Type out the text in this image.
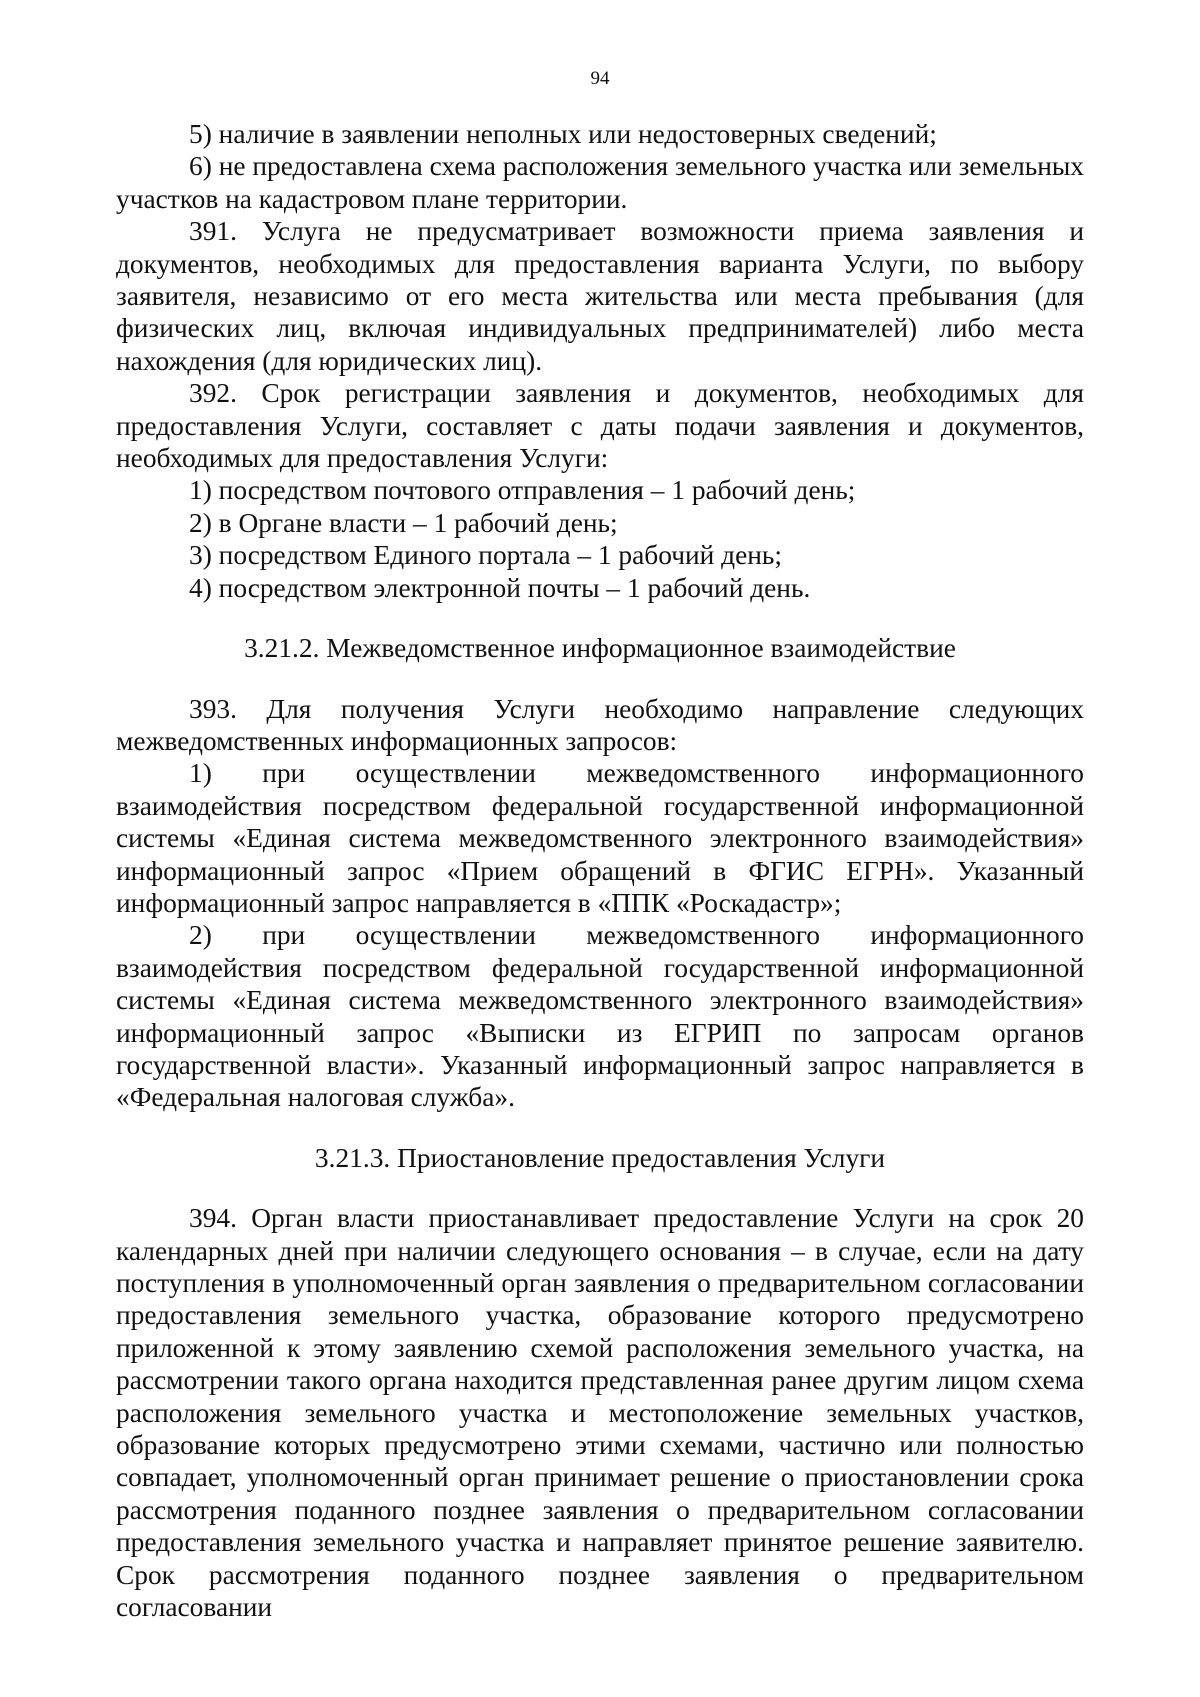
94

5) наличие в заявлении неполных или недостоверных сведений;

6) не предоставлена схема расположения земельного участка или земельных участков на кадастровом плане территории.

391. Услуга не предусматривает возможности приема заявления и документов, необходимых для предоставления варианта Услуги, по выбору заявителя, независимо от его места жительства или места пребывания (для физических лиц, включая индивидуальных предпринимателей) либо места нахождения (для юридических лиц).

392. Срок регистрации заявления и документов, необходимых для предоставления Услуги, составляет с даты подачи заявления и документов, необходимых для предоставления Услуги:

1) посредством почтового отправления – 1 рабочий день;

2) в Органе власти – 1 рабочий день;

3) посредством Единого портала – 1 рабочий день;

4) посредством электронной почты – 1 рабочий день.

3.21.2. Межведомственное информационное взаимодействие

393. Для получения Услуги необходимо направление следующих межведомственных информационных запросов:

1) при осуществлении межведомственного информационного взаимодействия посредством федеральной государственной информационной системы «Единая система межведомственного электронного взаимодействия» информационный запрос «Прием обращений в ФГИС ЕГРН». Указанный информационный запрос направляется в «ППК «Роскадастр»;

2) при осуществлении межведомственного информационного взаимодействия посредством федеральной государственной информационной системы «Единая система межведомственного электронного взаимодействия» информационный запрос «Выписки из ЕГРИП по запросам органов государственной власти». Указанный информационный запрос направляется в «Федеральная налоговая служба».

3.21.3. Приостановление предоставления Услуги

394. Орган власти приостанавливает предоставление Услуги на срок 20 календарных дней при наличии следующего основания – в случае, если на дату поступления в уполномоченный орган заявления о предварительном согласовании предоставления земельного участка, образование которого предусмотрено приложенной к этому заявлению схемой расположения земельного участка, на рассмотрении такого органа находится представленная ранее другим лицом схема расположения земельного участка и местоположение земельных участков, образование которых предусмотрено этими схемами, частично или полностью совпадает, уполномоченный орган принимает решение о приостановлении срока рассмотрения поданного позднее заявления о предварительном согласовании предоставления земельного участка и направляет принятое решение заявителю. Срок рассмотрения поданного позднее заявления о предварительном согласовании
